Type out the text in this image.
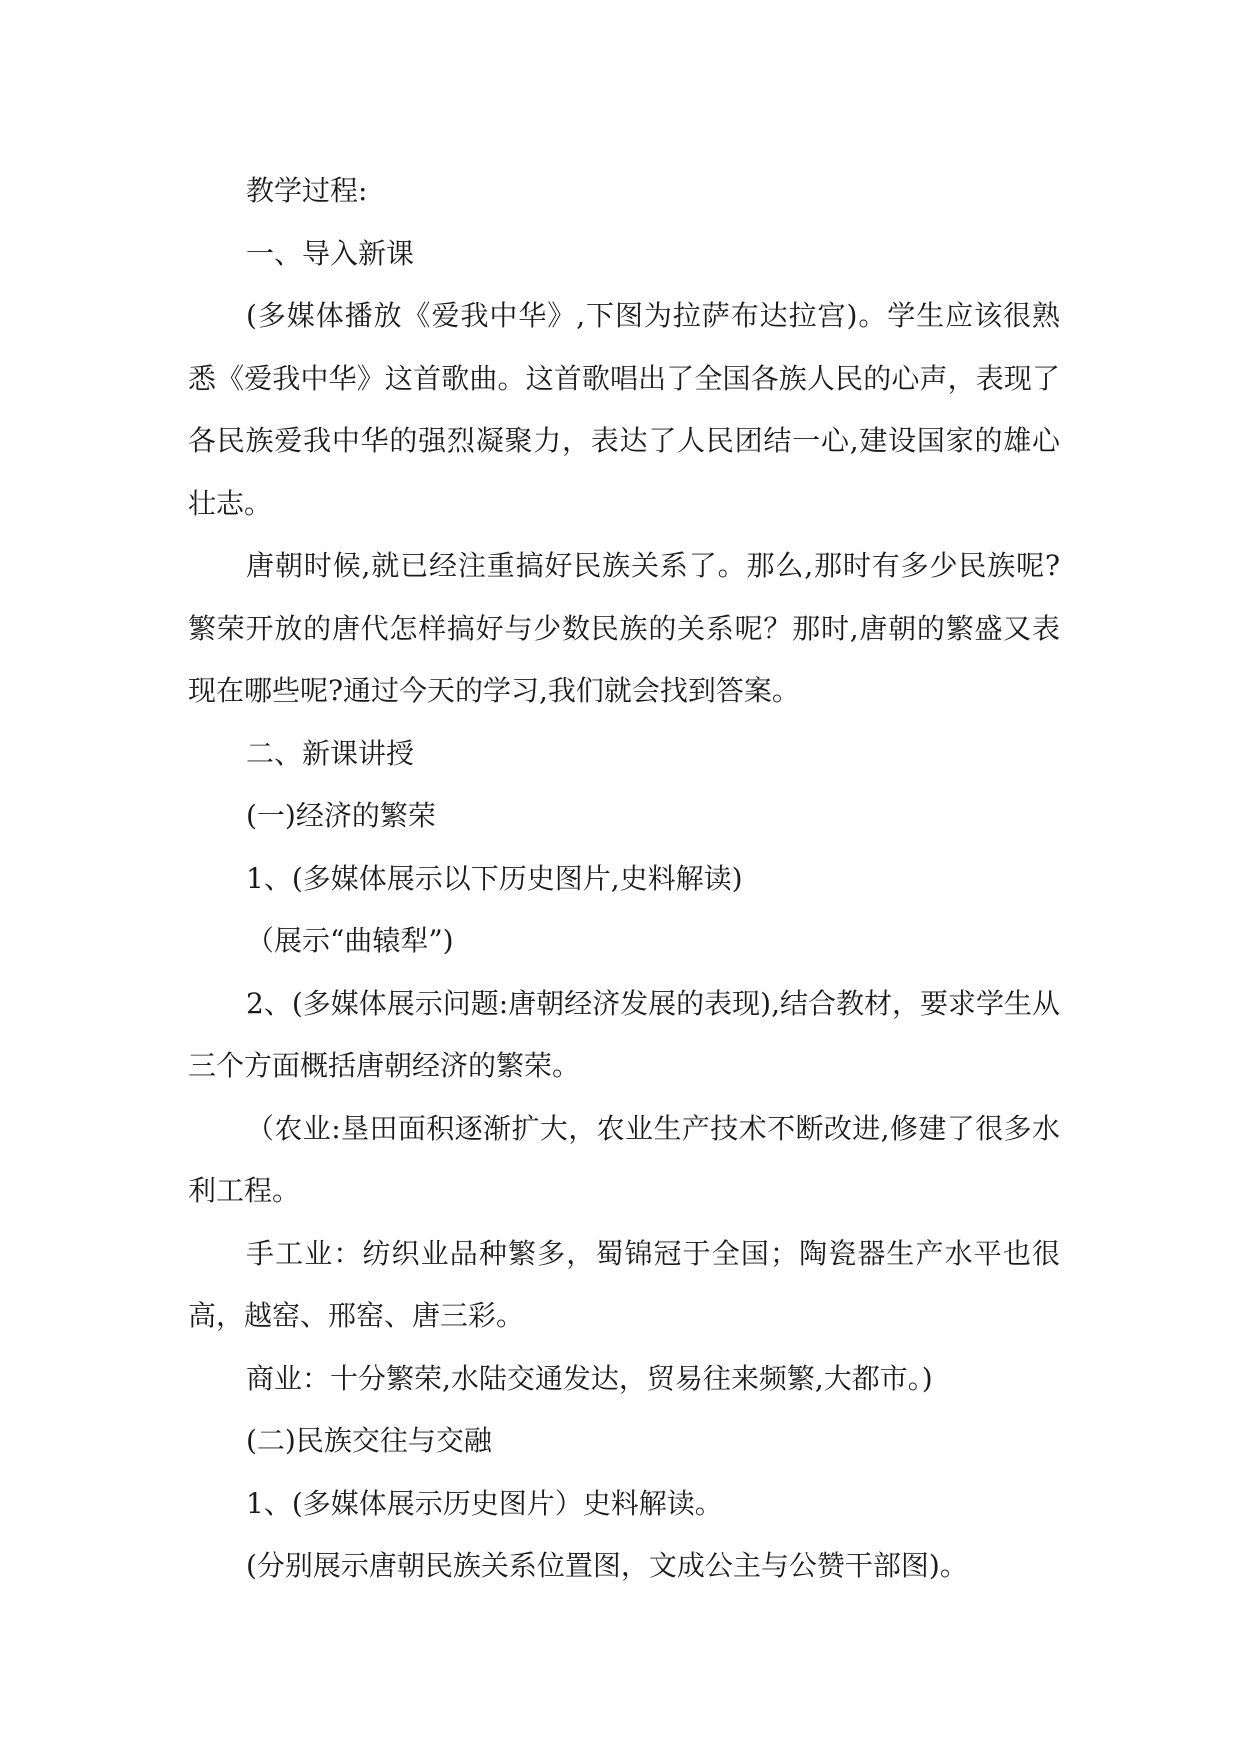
教学过程:

一、导入新课

(多媒体播放《爱我中华》,下图为拉萨布达拉宫)。学生应该很熟悉《爱我中华》这首歌曲。这首歌唱出了全国各族人民的心声，表现了各民族爱我中华的强烈凝聚力，表达了人民团结一心,建设国家的雄心壮志。

唐朝时候,就已经注重搞好民族关系了。那么,那时有多少民族呢?繁荣开放的唐代怎样搞好与少数民族的关系呢？那时,唐朝的繁盛又表现在哪些呢?通过今天的学习,我们就会找到答案。

二、新课讲授

(一)经济的繁荣

1、(多媒体展示以下历史图片,史料解读)

（展示“曲辕犁”)

2、(多媒体展示问题:唐朝经济发展的表现),结合教材，要求学生从三个方面概括唐朝经济的繁荣。

（农业:垦田面积逐渐扩大，农业生产技术不断改进,修建了很多水利工程。

手工业：纺织业品种繁多，蜀锦冠于全国；陶瓷器生产水平也很高，越窑、邢窑、唐三彩。

商业：十分繁荣,水陆交通发达，贸易往来频繁,大都市。)

(二)民族交往与交融

1、(多媒体展示历史图片）史料解读。

(分别展示唐朝民族关系位置图，文成公主与公赞干部图)。
